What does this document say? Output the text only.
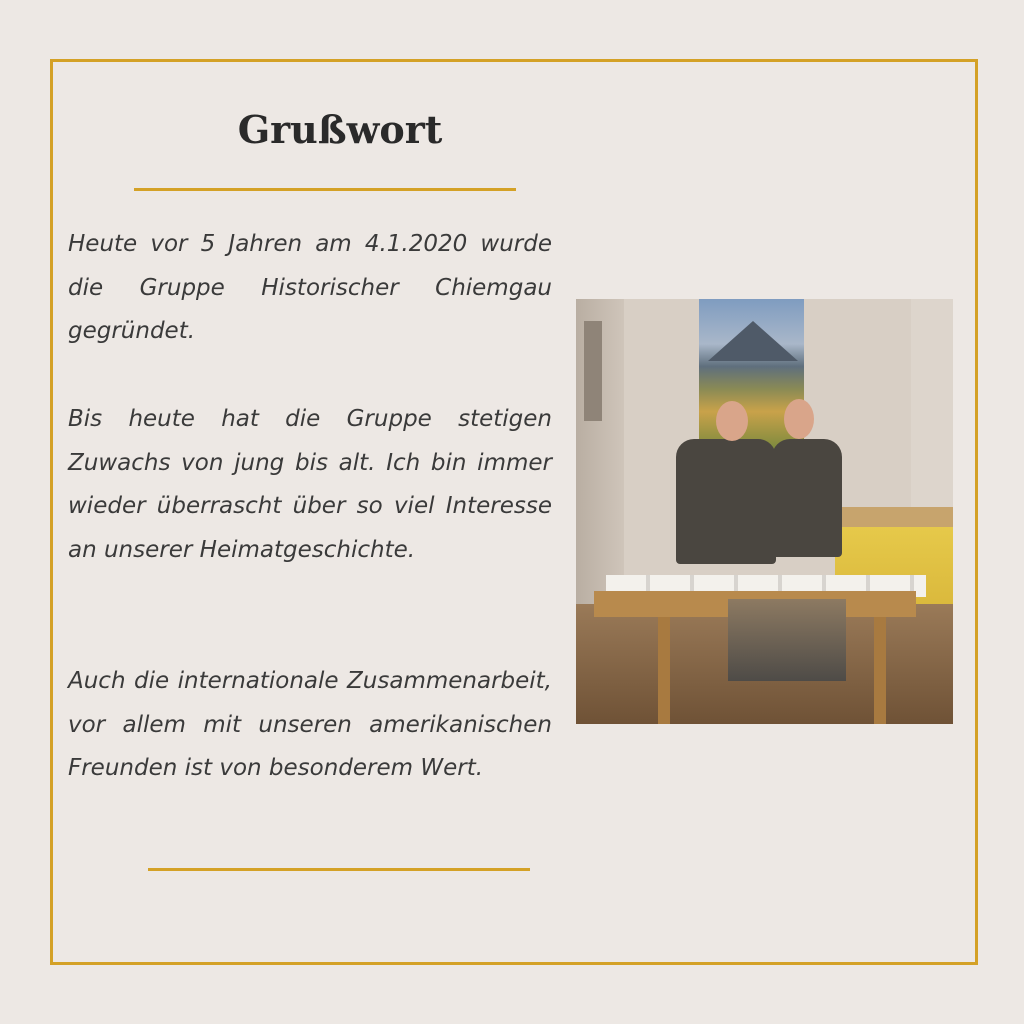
Grußwort

Heute vor 5 Jahren am 4.1.2020 wurde die Gruppe Historischer Chiemgau gegründet.

Bis heute hat die Gruppe stetigen Zuwachs von jung bis alt. Ich bin immer wieder überrascht über so viel Interesse an unserer Heimatgeschichte.

Auch die internationale Zusammenarbeit, vor allem mit unseren amerikanischen Freunden ist von besonderem Wert.
